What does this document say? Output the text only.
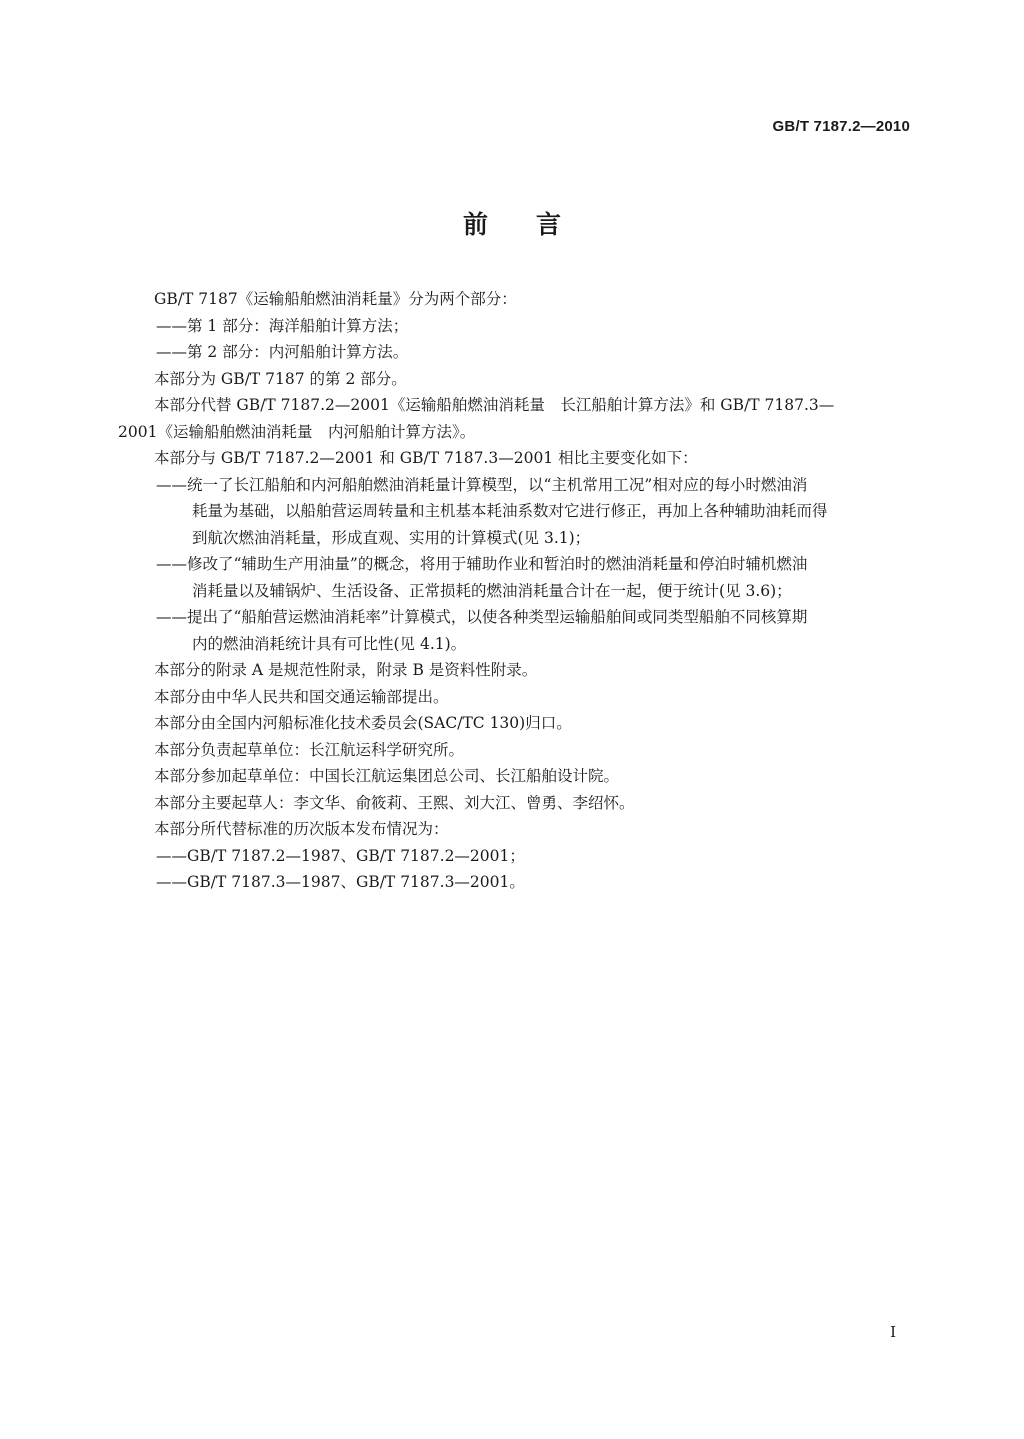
GB/T 7187.2—2010
前言

GB/T 7187《运输船舶燃油消耗量》分为两个部分：

——第 1 部分：海洋船舶计算方法；

——第 2 部分：内河船舶计算方法。

本部分为 GB/T 7187 的第 2 部分。

本部分代替 GB/T 7187.2—2001《运输船舶燃油消耗量　长江船舶计算方法》和 GB/T 7187.3—

2001《运输船舶燃油消耗量　内河船舶计算方法》。

本部分与 GB/T 7187.2—2001 和 GB/T 7187.3—2001 相比主要变化如下：

——统一了长江船舶和内河船舶燃油消耗量计算模型，以“主机常用工况”相对应的每小时燃油消

耗量为基础，以船舶营运周转量和主机基本耗油系数对它进行修正，再加上各种辅助油耗而得

到航次燃油消耗量，形成直观、实用的计算模式(见 3.1)；

——修改了“辅助生产用油量”的概念，将用于辅助作业和暂泊时的燃油消耗量和停泊时辅机燃油

消耗量以及辅锅炉、生活设备、正常损耗的燃油消耗量合计在一起，便于统计(见 3.6)；

——提出了“船舶营运燃油消耗率”计算模式，以使各种类型运输船舶间或同类型船舶不同核算期

内的燃油消耗统计具有可比性(见 4.1)。

本部分的附录 A 是规范性附录，附录 B 是资料性附录。

本部分由中华人民共和国交通运输部提出。

本部分由全国内河船标准化技术委员会(SAC/TC 130)归口。

本部分负责起草单位：长江航运科学研究所。

本部分参加起草单位：中国长江航运集团总公司、长江船舶设计院。

本部分主要起草人：李文华、俞筱莉、王熙、刘大江、曾勇、李绍怀。

本部分所代替标准的历次版本发布情况为：

——GB/T 7187.2—1987、GB/T 7187.2—2001；

——GB/T 7187.3—1987、GB/T 7187.3—2001。

I
